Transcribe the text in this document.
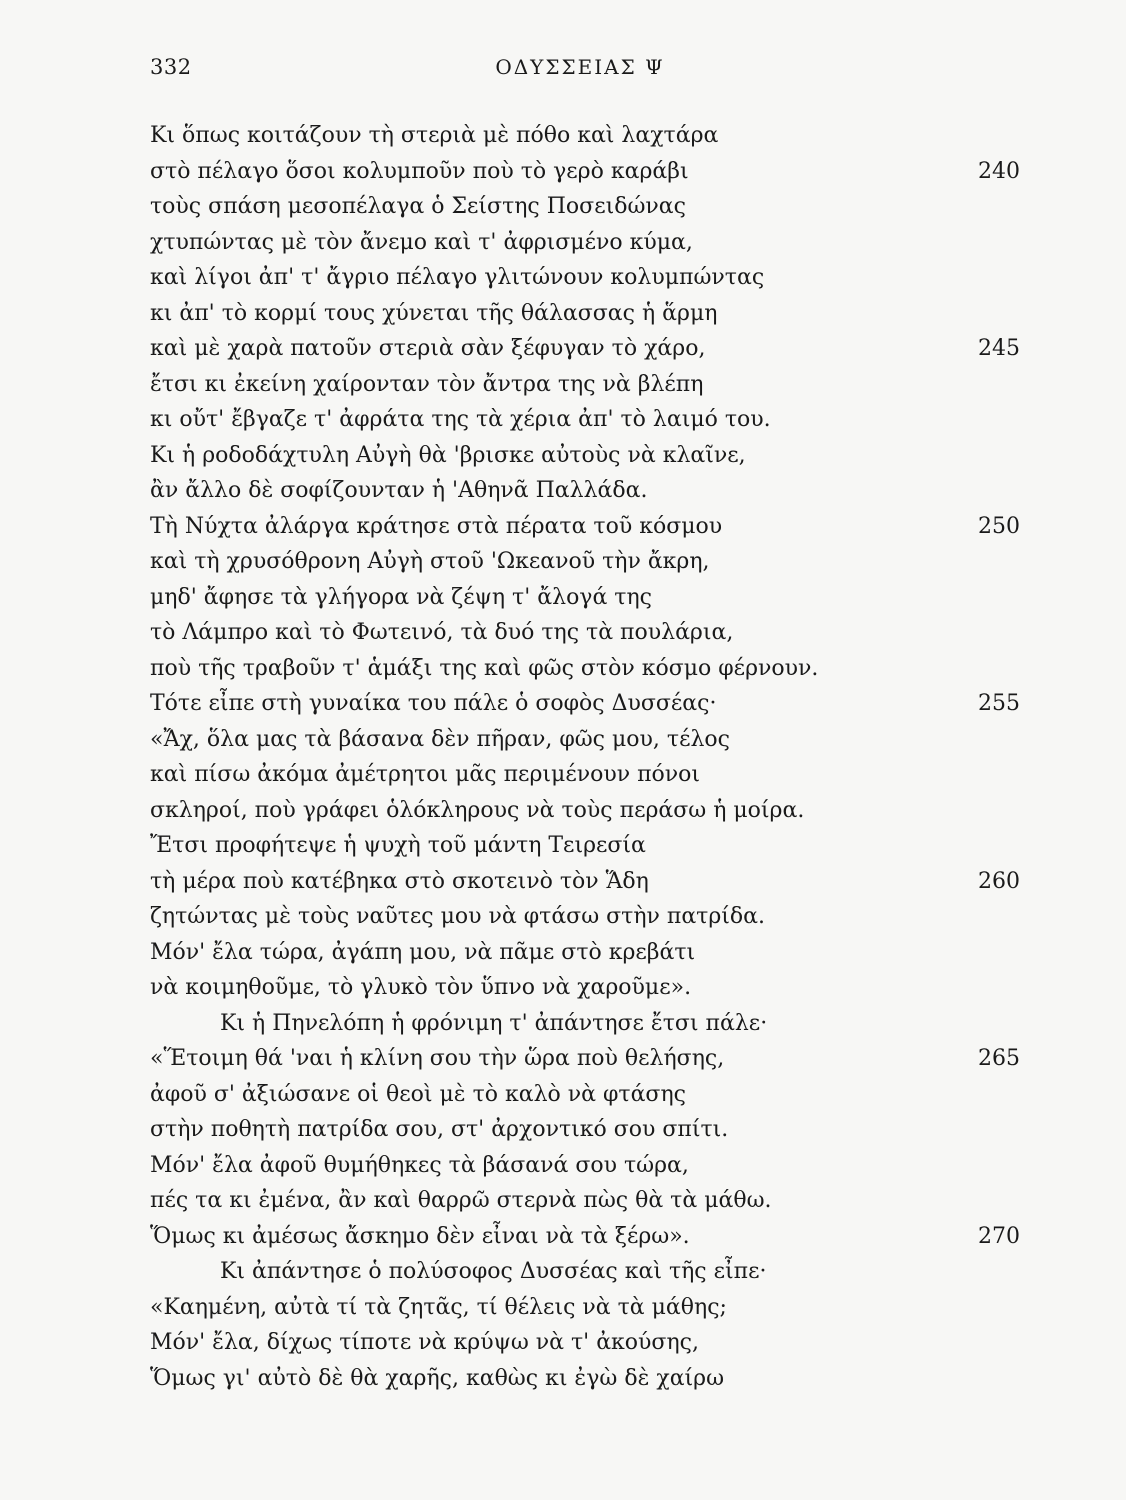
332	ΟΔΥΣΣΕΙΑΣ Ψ
Κι ὅπως κοιτάζουν τὴ στεριὰ μὲ πόθο καὶ λαχτάρα
στὸ πέλαγο ὅσοι κολυμποῦν ποὺ τὸ γερὸ καράβι	240
τοὺς σπάση μεσοπέλαγα ὁ Σείστης Ποσειδώνας
χτυπώντας μὲ τὸν ἄνεμο καὶ τ' ἀφρισμένο κύμα,
καὶ λίγοι ἀπ' τ' ἄγριο πέλαγο γλιτώνουν κολυμπώντας
κι ἀπ' τὸ κορμί τους χύνεται τῆς θάλασσας ἡ ἅρμη
καὶ μὲ χαρὰ πατοῦν στεριὰ σὰν ξέφυγαν τὸ χάρο,	245
ἔτσι κι ἐκείνη χαίρονταν τὸν ἄντρα της νὰ βλέπη
κι οὔτ' ἔβγαζε τ' ἀφράτα της τὰ χέρια ἀπ' τὸ λαιμό του.
Κι ἡ ροδοδάχτυλη Αὐγὴ θὰ 'βρισκε αὐτοὺς νὰ κλαῖνε,
ἂν ἄλλο δὲ σοφίζουνταν ἡ 'Αθηνᾶ Παλλάδα.
Τὴ Νύχτα ἀλάργα κράτησε στὰ πέρατα τοῦ κόσμου	250
καὶ τὴ χρυσόθρονη Αὐγὴ στοῦ 'Ωκεανοῦ τὴν ἄκρη,
μηδ' ἄφησε τὰ γλήγορα νὰ ζέψη τ' ἄλογά της
τὸ Λάμπρο καὶ τὸ Φωτεινό, τὰ δυό της τὰ πουλάρια,
ποὺ τῆς τραβοῦν τ' ἁμάξι της καὶ φῶς στὸν κόσμο φέρνουν.
Τότε εἶπε στὴ γυναίκα του πάλε ὁ σοφὸς Δυσσέας·	255
«Ἄχ, ὅλα μας τὰ βάσανα δὲν πῆραν, φῶς μου, τέλος
καὶ πίσω ἀκόμα ἀμέτρητοι μᾶς περιμένουν πόνοι
σκληροί, ποὺ γράφει ὁλόκληρους νὰ τοὺς περάσω ἡ μοίρα.
Ἔτσι προφήτεψε ἡ ψυχὴ τοῦ μάντη Τειρεσία
τὴ μέρα ποὺ κατέβηκα στὸ σκοτεινὸ τὸν Ἅδη	260
ζητώντας μὲ τοὺς ναῦτες μου νὰ φτάσω στὴν πατρίδα.
Μόν' ἔλα τώρα, ἀγάπη μου, νὰ πᾶμε στὸ κρεβάτι
νὰ κοιμηθοῦμε, τὸ γλυκὸ τὸν ὕπνο νὰ χαροῦμε».
Κι ἡ Πηνελόπη ἡ φρόνιμη τ' ἀπάντησε ἔτσι πάλε·
«Ἕτοιμη θά 'ναι ἡ κλίνη σου τὴν ὥρα ποὺ θελήσης,	265
ἀφοῦ σ' ἀξιώσανε οἱ θεοὶ μὲ τὸ καλὸ νὰ φτάσης
στὴν ποθητὴ πατρίδα σου, στ' ἀρχοντικό σου σπίτι.
Μόν' ἔλα ἀφοῦ θυμήθηκες τὰ βάσανά σου τώρα,
πές τα κι ἐμένα, ἂν καὶ θαρρῶ στερνὰ πὼς θὰ τὰ μάθω.
Ὅμως κι ἀμέσως ἄσκημο δὲν εἶναι νὰ τὰ ξέρω».	270
Κι ἀπάντησε ὁ πολύσοφος Δυσσέας καὶ τῆς εἶπε·
«Καημένη, αὐτὰ τί τὰ ζητᾶς, τί θέλεις νὰ τὰ μάθης;
Μόν' ἔλα, δίχως τίποτε νὰ κρύψω νὰ τ' ἀκούσης,
Ὅμως γι' αὐτὸ δὲ θὰ χαρῆς, καθὼς κι ἐγὼ δὲ χαίρω
